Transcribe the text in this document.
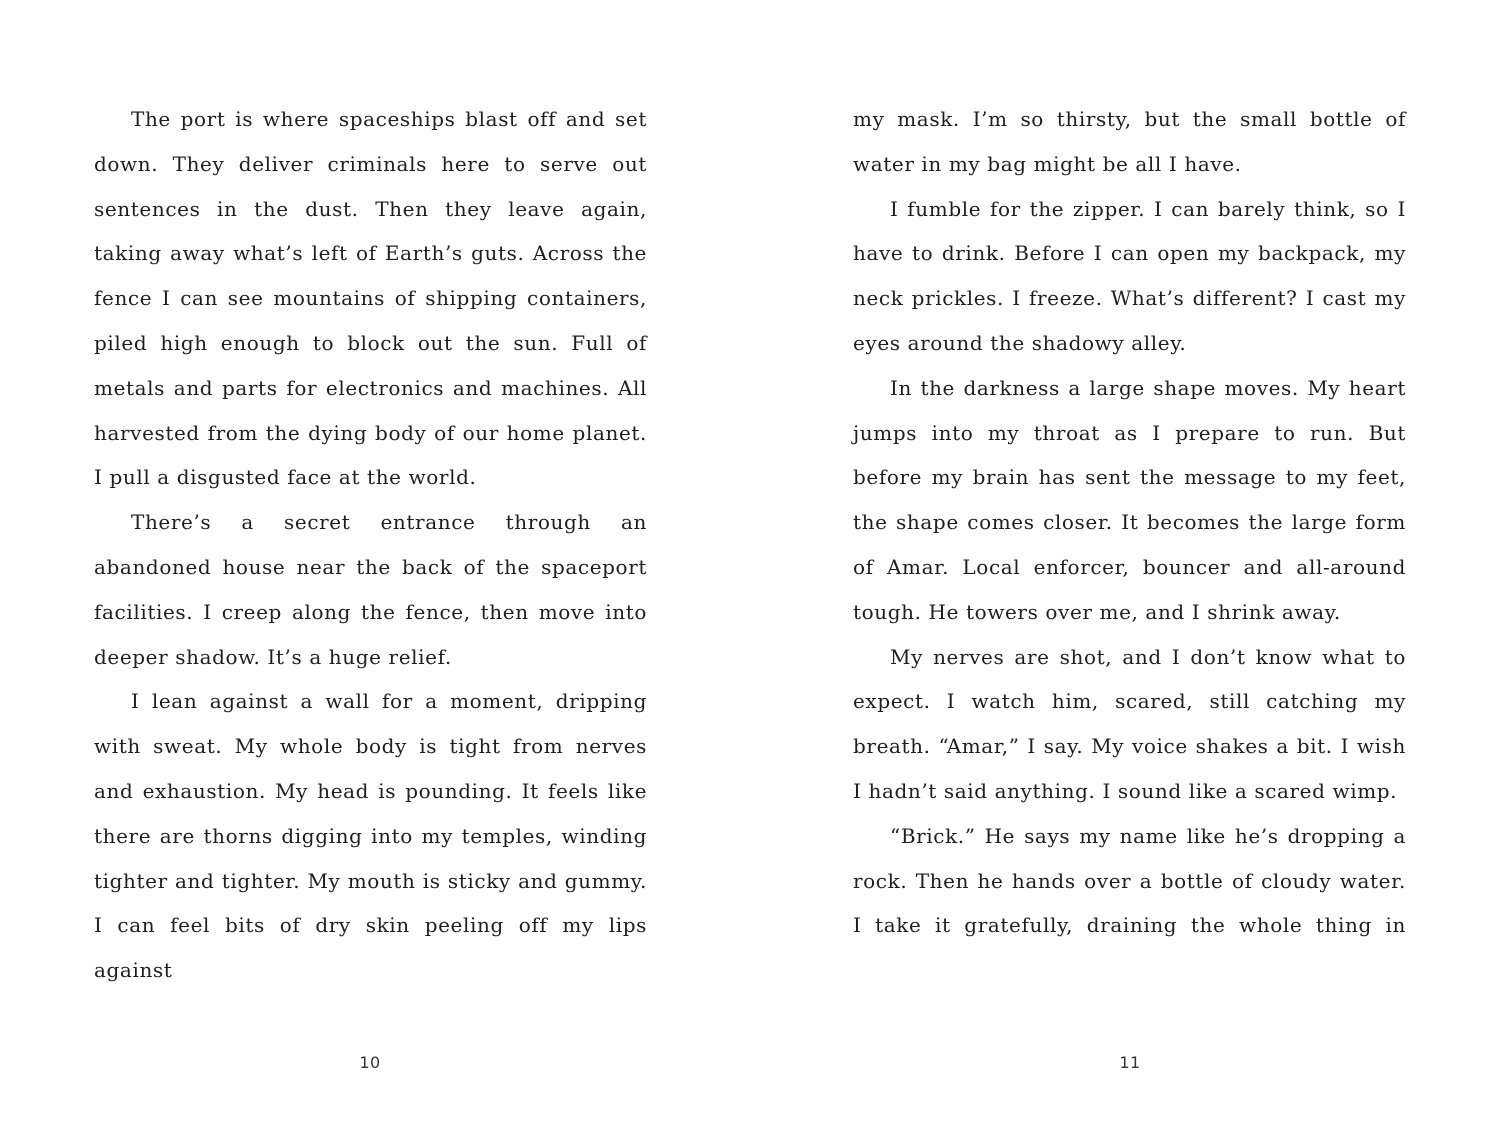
The port is where spaceships blast off and set down. They deliver criminals here to serve out sentences in the dust. Then they leave again, taking away what’s left of Earth’s guts. Across the fence I can see mountains of shipping containers, piled high enough to block out the sun. Full of metals and parts for electronics and machines. All harvested from the dying body of our home planet. I pull a disgusted face at the world.

There’s a secret entrance through an abandoned house near the back of the spaceport facilities. I creep along the fence, then move into deeper shadow. It’s a huge relief.

I lean against a wall for a moment, dripping with sweat. My whole body is tight from nerves and exhaustion. My head is pounding. It feels like there are thorns digging into my temples, winding tighter and tighter. My mouth is sticky and gummy. I can feel bits of dry skin peeling off my lips against

10

my mask. I’m so thirsty, but the small bottle of water in my bag might be all I have.

I fumble for the zipper. I can barely think, so I have to drink. Before I can open my backpack, my neck prickles. I freeze. What’s different? I cast my eyes around the shadowy alley.

In the darkness a large shape moves. My heart jumps into my throat as I prepare to run. But before my brain has sent the message to my feet, the shape comes closer. It becomes the large form of Amar. Local enforcer, bouncer and all-around tough. He towers over me, and I shrink away.

My nerves are shot, and I don’t know what to expect. I watch him, scared, still catching my breath. “Amar,” I say. My voice shakes a bit. I wish I hadn’t said anything. I sound like a scared wimp.

“Brick.” He says my name like he’s dropping a rock. Then he hands over a bottle of cloudy water. I take it gratefully, draining the whole thing in

11
